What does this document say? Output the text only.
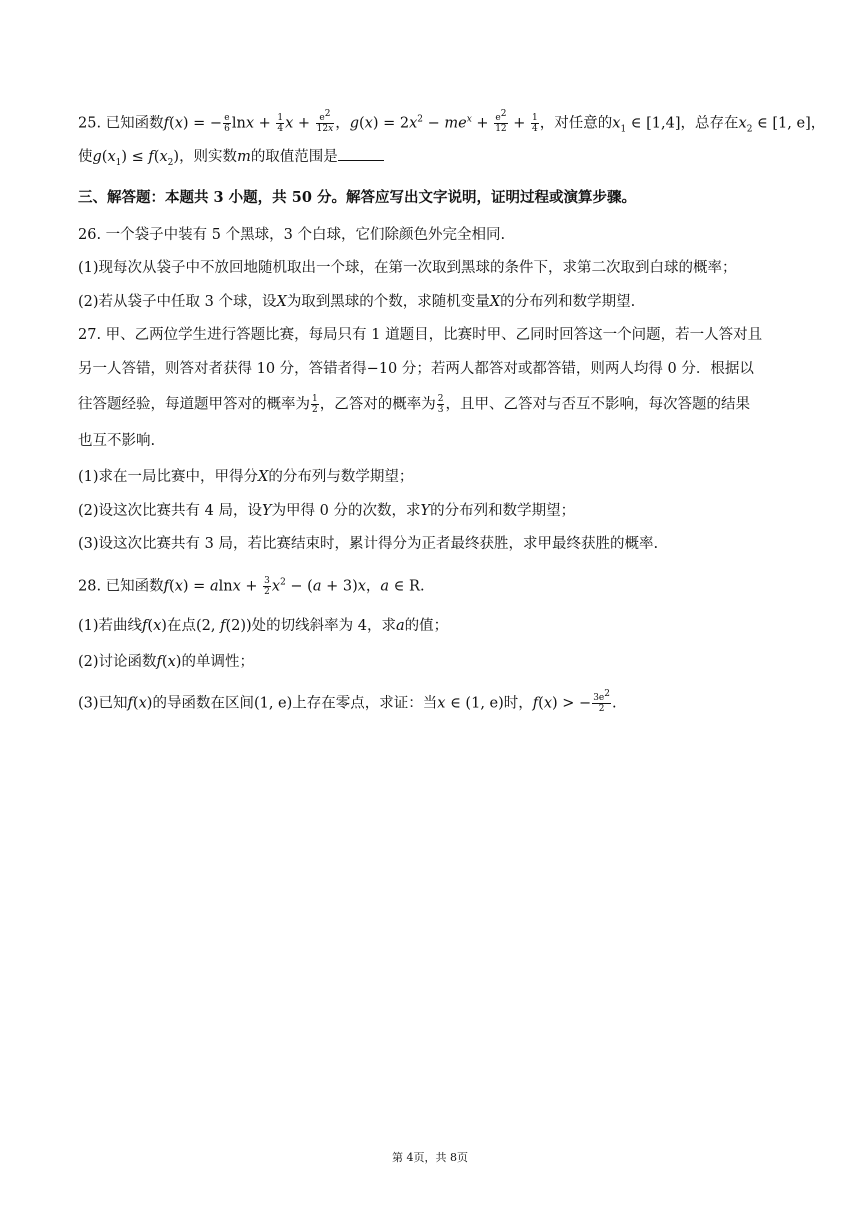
25. 已知函数f(x) = − $\frac{e}{6}$ $\ln x + \frac{1}{4}$ $x + \frac{e^2}{12x}$ ，$g(x) = 2x^2 - me^x + \frac{e^2}{12} + \frac{1}{4}$ ，对任意的$x_1$ ∈ [1,4]，总存在$x_2$ ∈ [1, e]，
使$g(x_1) \le f(x_2)$，则实数m的取值范围是
三、解答题：本题共 3 小题，共 50 分。解答应写出文字说明，证明过程或演算步骤。
26. 一个袋子中装有 5 个黑球，3 个白球，它们除颜色外完全相同.
(1)现每次从袋子中不放回地随机取出一个球，在第一次取到黑球的条件下，求第二次取到白球的概率；
(2)若从袋子中任取 3 个球，设X为取到黑球的个数，求随机变量X的分布列和数学期望.
27. 甲、乙两位学生进行答题比赛，每局只有 1 道题目，比赛时甲、乙同时回答这一个问题，若一人答对且
另一人答错，则答对者获得 10 分，答错者得−10 分；若两人都答对或都答错，则两人均得 0 分．根据以
往答题经验，每道题甲答对的概率为 $\frac{1}{2}$ ，乙答对的概率为 $\frac{2}{3}$ ，且甲、乙答对与否互不影响，每次答题的结果
也互不影响.
(1)求在一局比赛中，甲得分X的分布列与数学期望；
(2)设这次比赛共有 4 局，设Y为甲得 0 分的次数，求Y的分布列和数学期望；
(3)设这次比赛共有 3 局，若比赛结束时，累计得分为正者最终获胜，求甲最终获胜的概率.
28. 已知函数$f(x) = alnx + \frac{3}{2} x^2 - (a + 3)x$，a ∈ R.
(1)若曲线f(x)在点(2, f(2))处的切线斜率为 4，求a的值；
(2)讨论函数f(x)的单调性；
(3)已知f(x)的导函数在区间(1, e)上存在零点，求证：当x ∈ (1, e)时，f(x) > − $\frac{3e^2}{2}$ .
第 4页，共 8页
